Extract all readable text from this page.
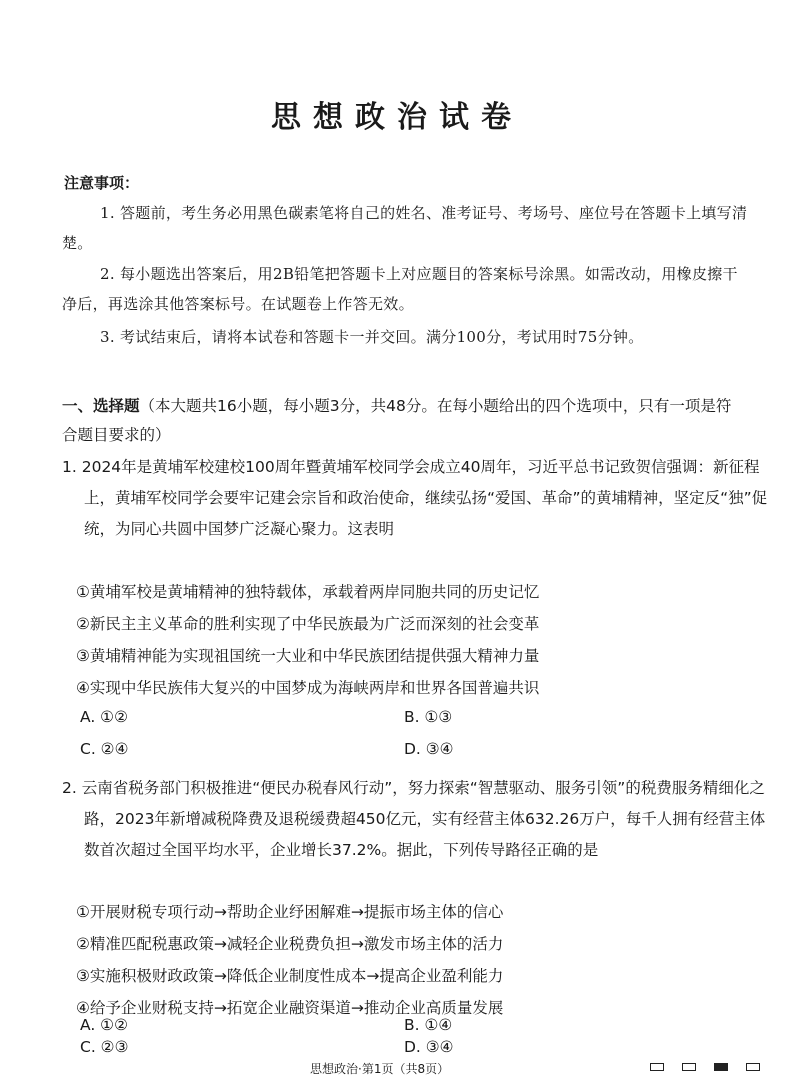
思想政治试卷
注意事项：
1. 答题前，考生务必用黑色碳素笔将自己的姓名、准考证号、考场号、座位号在答题卡上填写清楚。
2. 每小题选出答案后，用2B铅笔把答题卡上对应题目的答案标号涂黑。如需改动，用橡皮擦干净后，再选涂其他答案标号。在试题卷上作答无效。
3. 考试结束后，请将本试卷和答题卡一并交回。满分100分，考试用时75分钟。
一、选择题（本大题共16小题，每小题3分，共48分。在每小题给出的四个选项中，只有一项是符合题目要求的）
1. 2024年是黄埔军校建校100周年暨黄埔军校同学会成立40周年，习近平总书记致贺信强调：新征程上，黄埔军校同学会要牢记建会宗旨和政治使命，继续弘扬“爱国、革命”的黄埔精神，坚定反“独”促统，为同心共圆中国梦广泛凝心聚力。这表明
①黄埔军校是黄埔精神的独特载体，承载着两岸同胞共同的历史记忆
②新民主主义革命的胜利实现了中华民族最为广泛而深刻的社会变革
③黄埔精神能为实现祖国统一大业和中华民族团结提供强大精神力量
④实现中华民族伟大复兴的中国梦成为海峡两岸和世界各国普遍共识
A. ①②	B. ①③
C. ②④	D. ③④
2. 云南省税务部门积极推进“便民办税春风行动”，努力探索“智慧驱动、服务引领”的税费服务精细化之路，2023年新增减税降费及退税缓费超450亿元，实有经营主体632.26万户，每千人拥有经营主体数首次超过全国平均水平，企业增长37.2%。据此，下列传导路径正确的是
①开展财税专项行动→帮助企业纾困解难→提振市场主体的信心
②精准匹配税惠政策→减轻企业税费负担→激发市场主体的活力
③实施积极财政政策→降低企业制度性成本→提高企业盈利能力
④给予企业财税支持→拓宽企业融资渠道→推动企业高质量发展
A. ①②	B. ①④
思想政治·第1页（共8页）
C. ②③	D. ③④
